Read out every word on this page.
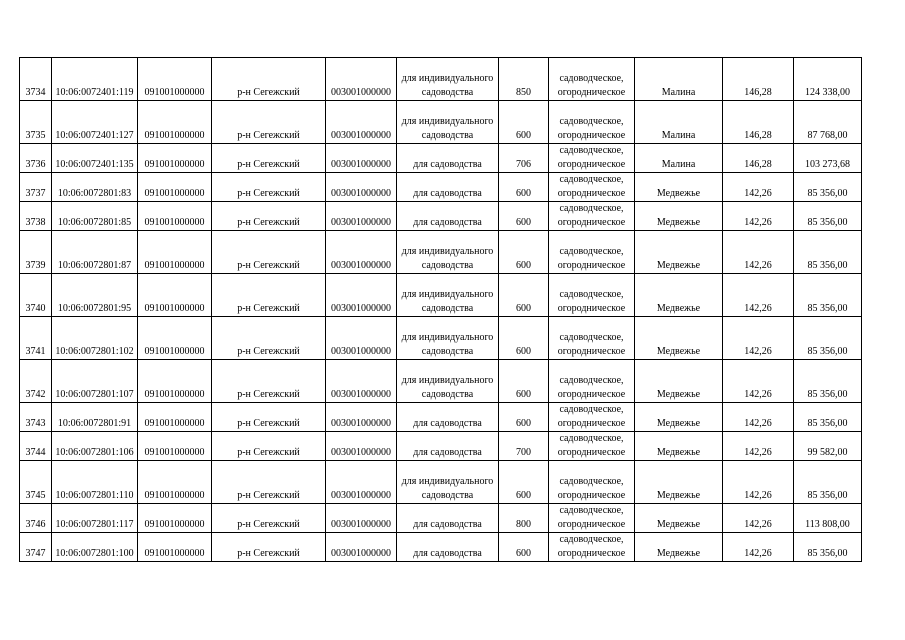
3734	10:06:0072401:119	091001000000	р-н Сегежский	003001000000	для индивидуального садоводства	850	садоводческое, огородническое	Малина	146,28	124 338,00
3735	10:06:0072401:127	091001000000	р-н Сегежский	003001000000	для индивидуального садоводства	600	садоводческое, огородническое	Малина	146,28	87 768,00
3736	10:06:0072401:135	091001000000	р-н Сегежский	003001000000	для садоводства	706	садоводческое, огородническое	Малина	146,28	103 273,68
3737	10:06:0072801:83	091001000000	р-н Сегежский	003001000000	для садоводства	600	садоводческое, огородническое	Медвежье	142,26	85 356,00
3738	10:06:0072801:85	091001000000	р-н Сегежский	003001000000	для садоводства	600	садоводческое, огородническое	Медвежье	142,26	85 356,00
3739	10:06:0072801:87	091001000000	р-н Сегежский	003001000000	для индивидуального садоводства	600	садоводческое, огородническое	Медвежье	142,26	85 356,00
3740	10:06:0072801:95	091001000000	р-н Сегежский	003001000000	для индивидуального садоводства	600	садоводческое, огородническое	Медвежье	142,26	85 356,00
3741	10:06:0072801:102	091001000000	р-н Сегежский	003001000000	для индивидуального садоводства	600	садоводческое, огородническое	Медвежье	142,26	85 356,00
3742	10:06:0072801:107	091001000000	р-н Сегежский	003001000000	для индивидуального садоводства	600	садоводческое, огородническое	Медвежье	142,26	85 356,00
3743	10:06:0072801:91	091001000000	р-н Сегежский	003001000000	для садоводства	600	садоводческое, огородническое	Медвежье	142,26	85 356,00
3744	10:06:0072801:106	091001000000	р-н Сегежский	003001000000	для садоводства	700	садоводческое, огородническое	Медвежье	142,26	99 582,00
3745	10:06:0072801:110	091001000000	р-н Сегежский	003001000000	для индивидуального садоводства	600	садоводческое, огородническое	Медвежье	142,26	85 356,00
3746	10:06:0072801:117	091001000000	р-н Сегежский	003001000000	для садоводства	800	садоводческое, огородническое	Медвежье	142,26	113 808,00
3747	10:06:0072801:100	091001000000	р-н Сегежский	003001000000	для садоводства	600	садоводческое, огородническое	Медвежье	142,26	85 356,00
